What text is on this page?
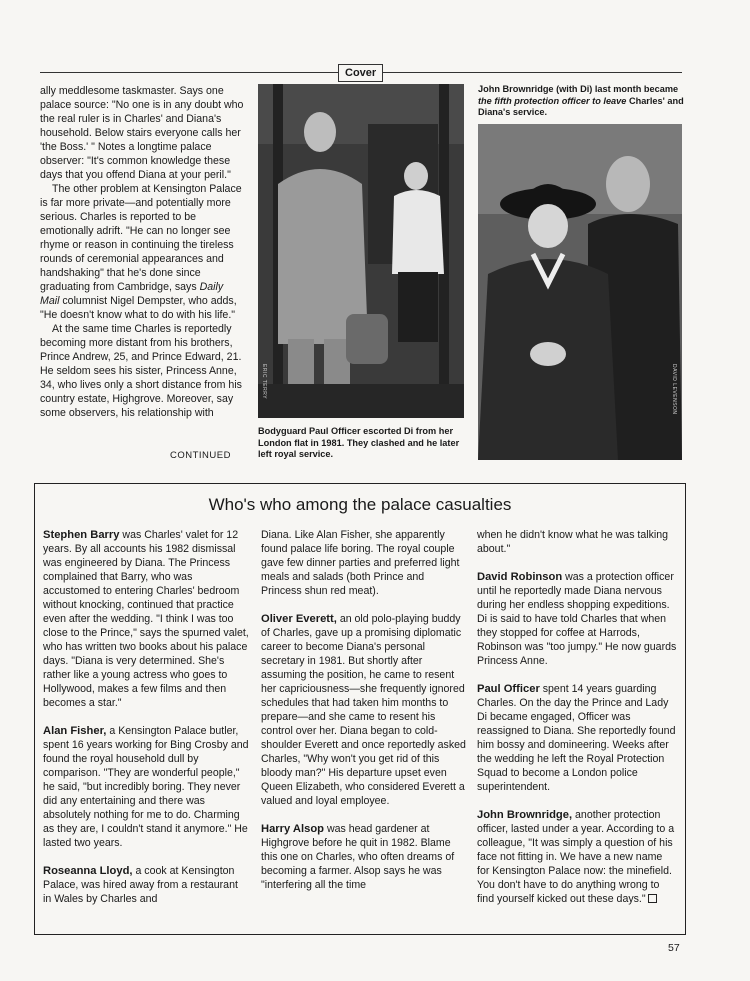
Cover

ally meddlesome taskmaster. Says one palace source: "No one is in any doubt who the real ruler is in Charles' and Diana's household. Below stairs everyone calls her 'the Boss.' " Notes a longtime palace observer: "It's common knowledge these days that you offend Diana at your peril."

The other problem at Kensington Palace is far more private—and potentially more serious. Charles is reported to be emotionally adrift. "He can no longer see rhyme or reason in continuing the tireless rounds of ceremonial appearances and handshaking" that he's done since graduating from Cambridge, says Daily Mail columnist Nigel Dempster, who adds, "He doesn't know what to do with his life."

At the same time Charles is reportedly becoming more distant from his brothers, Prince Andrew, 25, and Prince Edward, 21. He seldom sees his sister, Princess Anne, 34, who lives only a short distance from his country estate, Highgrove. Moreover, say some observers, his relationship with

CONTINUED
ERIC TERRY
Bodyguard Paul Officer escorted Di from her London flat in 1981. They clashed and he later left royal service.
John Brownridge (with Di) last month became the fifth protection officer to leave Charles' and Diana's service.
DAVID LEVENSON
Who's who among the palace casualties

Stephen Barry was Charles' valet for 12 years. By all accounts his 1982 dismissal was engineered by Diana. The Princess complained that Barry, who was accustomed to entering Charles' bedroom without knocking, continued that practice even after the wedding. "I think I was too close to the Prince," says the spurned valet, who has written two books about his palace days. "Diana is very determined. She's rather like a young actress who goes to Hollywood, makes a few films and then becomes a star."

Alan Fisher, a Kensington Palace butler, spent 16 years working for Bing Crosby and found the royal household dull by comparison. "They are wonderful people," he said, "but incredibly boring. They never did any entertaining and there was absolutely nothing for me to do. Charming as they are, I couldn't stand it anymore." He lasted two years.

Roseanna Lloyd, a cook at Kensington Palace, was hired away from a restaurant in Wales by Charles and

Diana. Like Alan Fisher, she apparently found palace life boring. The royal couple gave few dinner parties and preferred light meals and salads (both Prince and Princess shun red meat).

Oliver Everett, an old polo-playing buddy of Charles, gave up a promising diplomatic career to become Diana's personal secretary in 1981. But shortly after assuming the position, he came to resent her capriciousness—she frequently ignored schedules that had taken him months to prepare—and she came to resent his control over her. Diana began to cold-shoulder Everett and once reportedly asked Charles, "Why won't you get rid of this bloody man?" His departure upset even Queen Elizabeth, who considered Everett a valued and loyal employee.

Harry Alsop was head gardener at Highgrove before he quit in 1982. Blame this one on Charles, who often dreams of becoming a farmer. Alsop says he was "interfering all the time

when he didn't know what he was talking about."

David Robinson was a protection officer until he reportedly made Diana nervous during her endless shopping expeditions. Di is said to have told Charles that when they stopped for coffee at Harrods, Robinson was "too jumpy." He now guards Princess Anne.

Paul Officer spent 14 years guarding Charles. On the day the Prince and Lady Di became engaged, Officer was reassigned to Diana. She reportedly found him bossy and domineering. Weeks after the wedding he left the Royal Protection Squad to become a London police superintendent.

John Brownridge, another protection officer, lasted under a year. According to a colleague, "It was simply a question of his face not fitting in. We have a new name for Kensington Palace now: the minefield. You don't have to do anything wrong to find yourself kicked out these days."

57
